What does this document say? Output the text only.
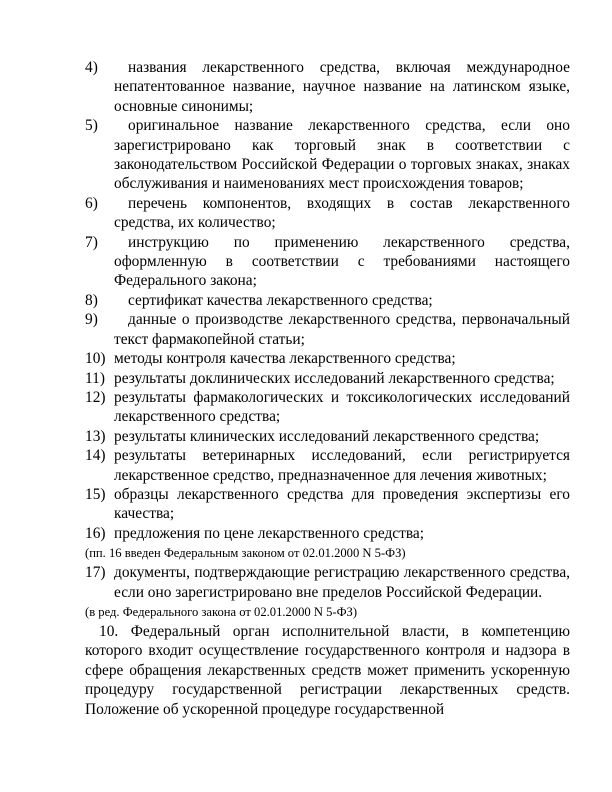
4)	названия лекарственного средства, включая международное непатентованное название, научное название на латинском языке, основные синонимы;
5)	оригинальное название лекарственного средства, если оно зарегистрировано как торговый знак в соответствии с законодательством Российской Федерации о торговых знаках, знаках обслуживания и наименованиях мест происхождения товаров;
6)	перечень компонентов, входящих в состав лекарственного средства, их количество;
7)	инструкцию по применению лекарственного средства, оформленную в соответствии с требованиями настоящего Федерального закона;
8)	сертификат качества лекарственного средства;
9)	данные о производстве лекарственного средства, первоначальный текст фармакопейной статьи;
10) методы контроля качества лекарственного средства;
11) результаты доклинических исследований лекарственного средства;
12) результаты фармакологических и токсикологических исследований лекарственного средства;
13) результаты клинических исследований лекарственного средства;
14) результаты ветеринарных исследований, если регистрируется лекарственное средство, предназначенное для лечения животных;
15) образцы лекарственного средства для проведения экспертизы его качества;
16) предложения по цене лекарственного средства;
(пп. 16 введен Федеральным законом от 02.01.2000 N 5-ФЗ)
17) документы, подтверждающие регистрацию лекарственного средства, если оно зарегистрировано вне пределов Российской Федерации.
(в ред. Федерального закона от 02.01.2000 N 5-ФЗ)
10. Федеральный орган исполнительной власти, в компетенцию которого входит осуществление государственного контроля и надзора в сфере обращения лекарственных средств может применить ускоренную процедуру государственной регистрации лекарственных средств. Положение об ускоренной процедуре государственной
